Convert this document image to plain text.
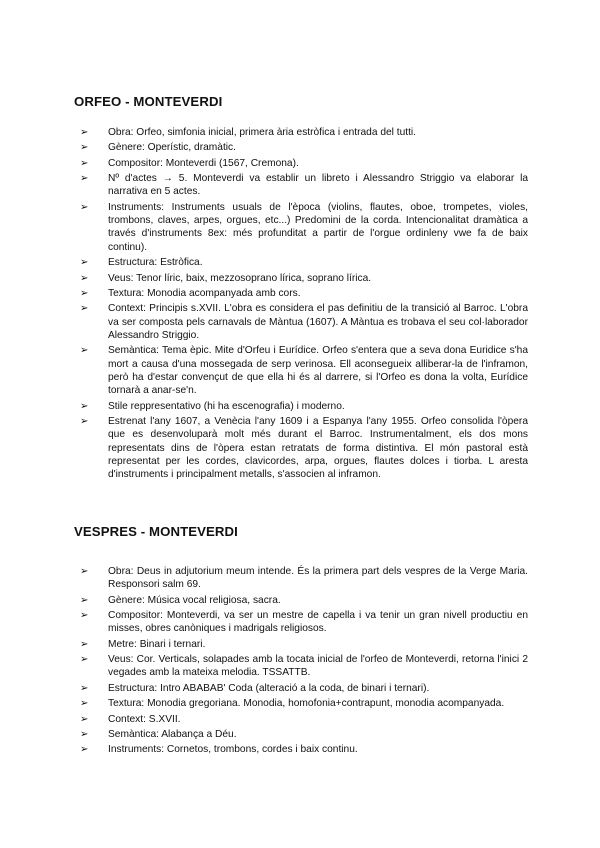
ORFEO - MONTEVERDI
➢	Obra: Orfeo, simfonia inicial, primera ària estròfica i entrada del tutti.
➢	Gènere: Operístic, dramàtic.
➢	Compositor: Monteverdi (1567, Cremona).
➢	Nº d'actes → 5. Monteverdi va establir un libreto i Alessandro Striggio va elaborar la narrativa en 5 actes.
➢	Instruments: Instruments usuals de l'època (violins, flautes, oboe, trompetes, violes, trombons, claves, arpes, orgues, etc...) Predomini de la corda. Intencionalitat dramàtica a través d'instruments 8ex: més profunditat a partir de l'orgue ordinleny vwe fa de baix continu).
➢	Estructura: Estròfica.
➢	Veus: Tenor líric, baix, mezzosoprano lírica, soprano lírica.
➢	Textura: Monodia acompanyada amb cors.
➢	Context: Principis s.XVII. L'obra es considera el pas definitiu de la transició al Barroc. L'obra va ser composta pels carnavals de Màntua (1607). A Màntua es trobava el seu col·laborador Alessandro Striggio.
➢	Semàntica: Tema èpic. Mite d'Orfeu i Eurídice. Orfeo s'entera que a seva dona Euridice s'ha mort a causa d'una mossegada de serp verinosa. Ell aconsegueix alliberar-la de l'inframon, però ha d'estar convençut de que ella hi és al darrere, si l'Orfeo es dona la volta, Eurídice tornarà a anar-se'n.
➢	Stile reppresentativo (hi ha escenografia) i moderno.
➢	Estrenat l'any 1607, a Venècia l'any 1609 i a Espanya l'any 1955. Orfeo consolida l'òpera que es desenvoluparà molt més durant el Barroc. Instrumentalment, els dos mons representats dins de l'òpera estan retratats de forma distintiva. El món pastoral està representat per les cordes, clavicordes, arpa, orgues, flautes dolces i tiorba. L aresta d'instruments i principalment metalls, s'associen al inframon.
VESPRES - MONTEVERDI
➢	Obra: Deus in adjutorium meum intende. És la primera part dels vespres de la Verge Maria. Responsori salm 69.
➢	Gènere: Música vocal religiosa, sacra.
➢	Compositor: Monteverdi, va ser un mestre de capella i va tenir un gran nivell productiu en misses, obres canòniques i madrigals religiosos.
➢	Metre: Binari i ternari.
➢	Veus: Cor. Verticals, solapades amb la tocata inicial de l'orfeo de Monteverdi, retorna l'inici 2 vegades amb la mateixa melodia. TSSATTB.
➢	Estructura: Intro ABABAB' Coda (alteració a la coda, de binari i ternari).
➢	Textura: Monodia gregoriana. Monodia, homofonia+contrapunt, monodia acompanyada.
➢	Context: S.XVII.
➢	Semàntica: Alabança a Déu.
➢	Instruments: Cornetos, trombons, cordes i baix continu.
